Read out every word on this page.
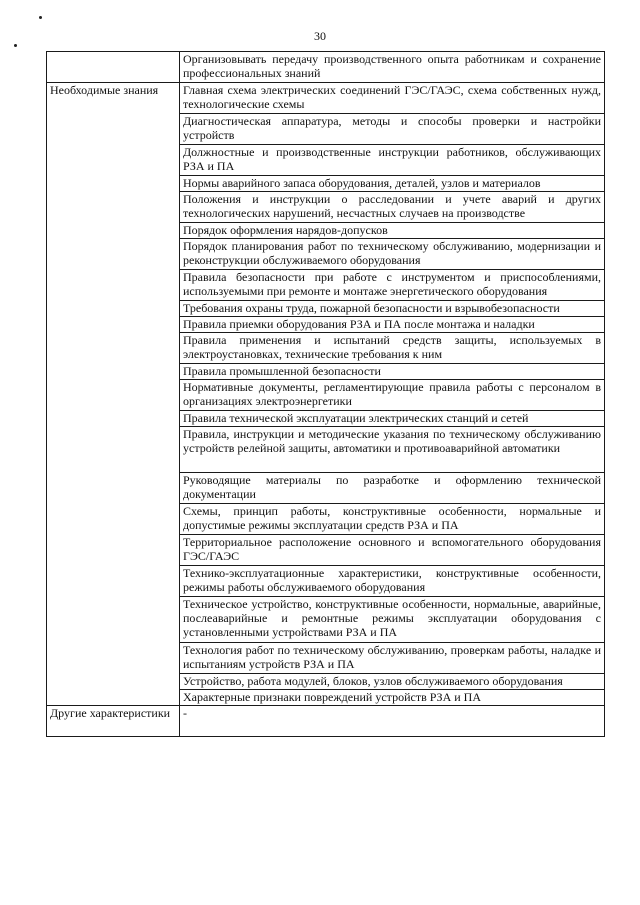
30

	Организовывать передачу производственного опыта работникам и сохранение профессиональных знаний

Необходимые знания	Главная схема электрических соединений ГЭС/ГАЭС, схема собственных нужд, технологические схемы

	Диагностическая аппаратура, методы и способы проверки и настройки устройств

	Должностные и производственные инструкции работников, обслуживающих РЗА и ПА

	Нормы аварийного запаса оборудования, деталей, узлов и материалов

	Положения и инструкции о расследовании и учете аварий и других технологических нарушений, несчастных случаев на производстве

	Порядок оформления нарядов-допусков

	Порядок планирования работ по техническому обслуживанию, модернизации и реконструкции обслуживаемого оборудования

	Правила безопасности при работе с инструментом и приспособлениями, используемыми при ремонте и монтаже энергетического оборудования

	Требования охраны труда, пожарной безопасности и взрывобезопасности

	Правила приемки оборудования РЗА и ПА после монтажа и наладки

	Правила применения и испытаний средств защиты, используемых в электроустановках, технические требования к ним

	Правила промышленной безопасности

	Нормативные документы, регламентирующие правила работы с персоналом в организациях электроэнергетики

	Правила технической эксплуатации электрических станций и сетей

	Правила, инструкции и методические указания по техническому обслуживанию устройств релейной защиты, автоматики и противоаварийной автоматики

	Руководящие материалы по разработке и оформлению технической документации

	Схемы, принцип работы, конструктивные особенности, нормальные и допустимые режимы эксплуатации средств РЗА и ПА

	Территориальное расположение основного и вспомогательного оборудования ГЭС/ГАЭС

	Технико-эксплуатационные характеристики, конструктивные особенности, режимы работы обслуживаемого оборудования

	Техническое устройство, конструктивные особенности, нормальные, аварийные, послеаварийные и ремонтные режимы эксплуатации оборудования с установленными устройствами РЗА и ПА

	Технология работ по техническому обслуживанию, проверкам работы, наладке и испытаниям устройств РЗА и ПА

	Устройство, работа модулей, блоков, узлов обслуживаемого оборудования

	Характерные признаки повреждений устройств РЗА и ПА

Другие характеристики	-
